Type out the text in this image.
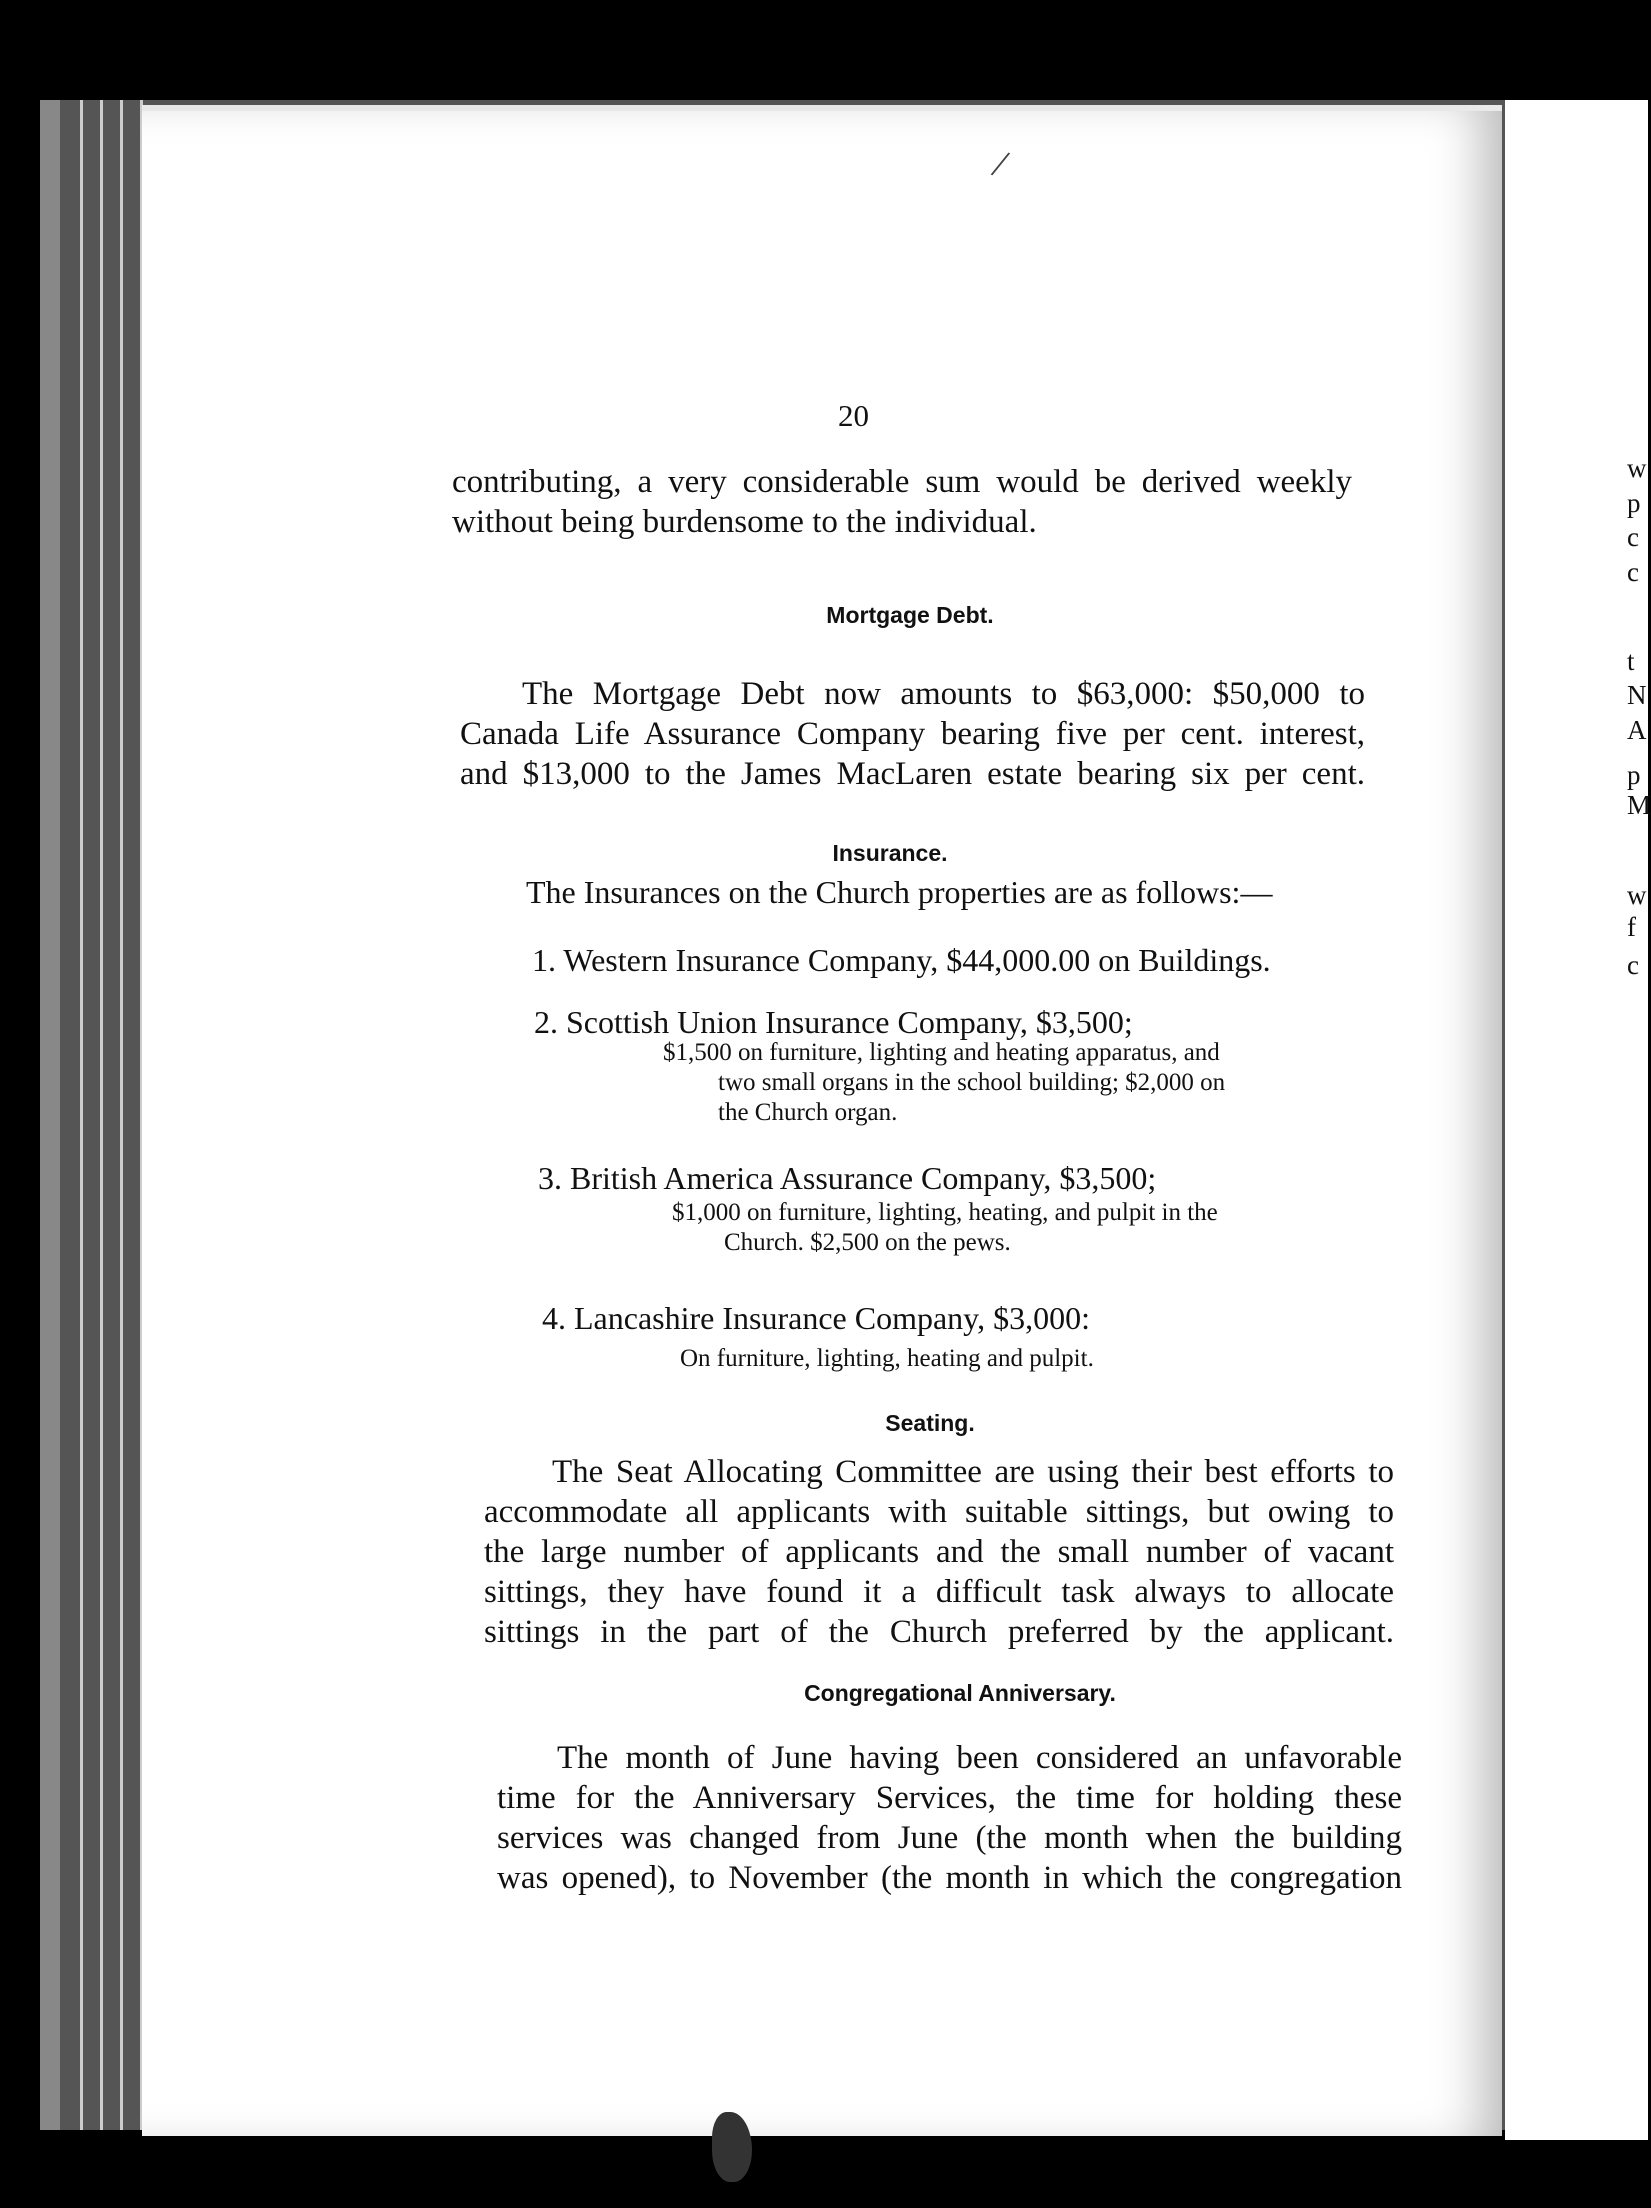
w
p
c
c
t
N
A
p
M
w
f
c
/
20
contributing, a very considerable sum would be derived weekly
without being burdensome to the individual.
Mortgage Debt.
The Mortgage Debt now amounts to $63,000: $50,000 to
Canada Life Assurance Company bearing five per cent. interest,
and $13,000 to the James MacLaren estate bearing six per cent.
Insurance.
The Insurances on the Church properties are as follows:—
1. Western Insurance Company, $44,000.00 on Buildings.
2. Scottish Union Insurance Company, $3,500;
$1,500 on furniture, lighting and heating apparatus, and
two small organs in the school building; $2,000 on
the Church organ.
3. British America Assurance Company, $3,500;
$1,000 on furniture, lighting, heating, and pulpit in the
Church. $2,500 on the pews.
4. Lancashire Insurance Company, $3,000:
On furniture, lighting, heating and pulpit.
Seating.
The Seat Allocating Committee are using their best efforts to
accommodate all applicants with suitable sittings, but owing to
the large number of applicants and the small number of vacant
sittings, they have found it a difficult task always to allocate
sittings in the part of the Church preferred by the applicant.
Congregational Anniversary.
The month of June having been considered an unfavorable
time for the Anniversary Services, the time for holding these
services was changed from June (the month when the building
was opened), to November (the month in which the congregation
